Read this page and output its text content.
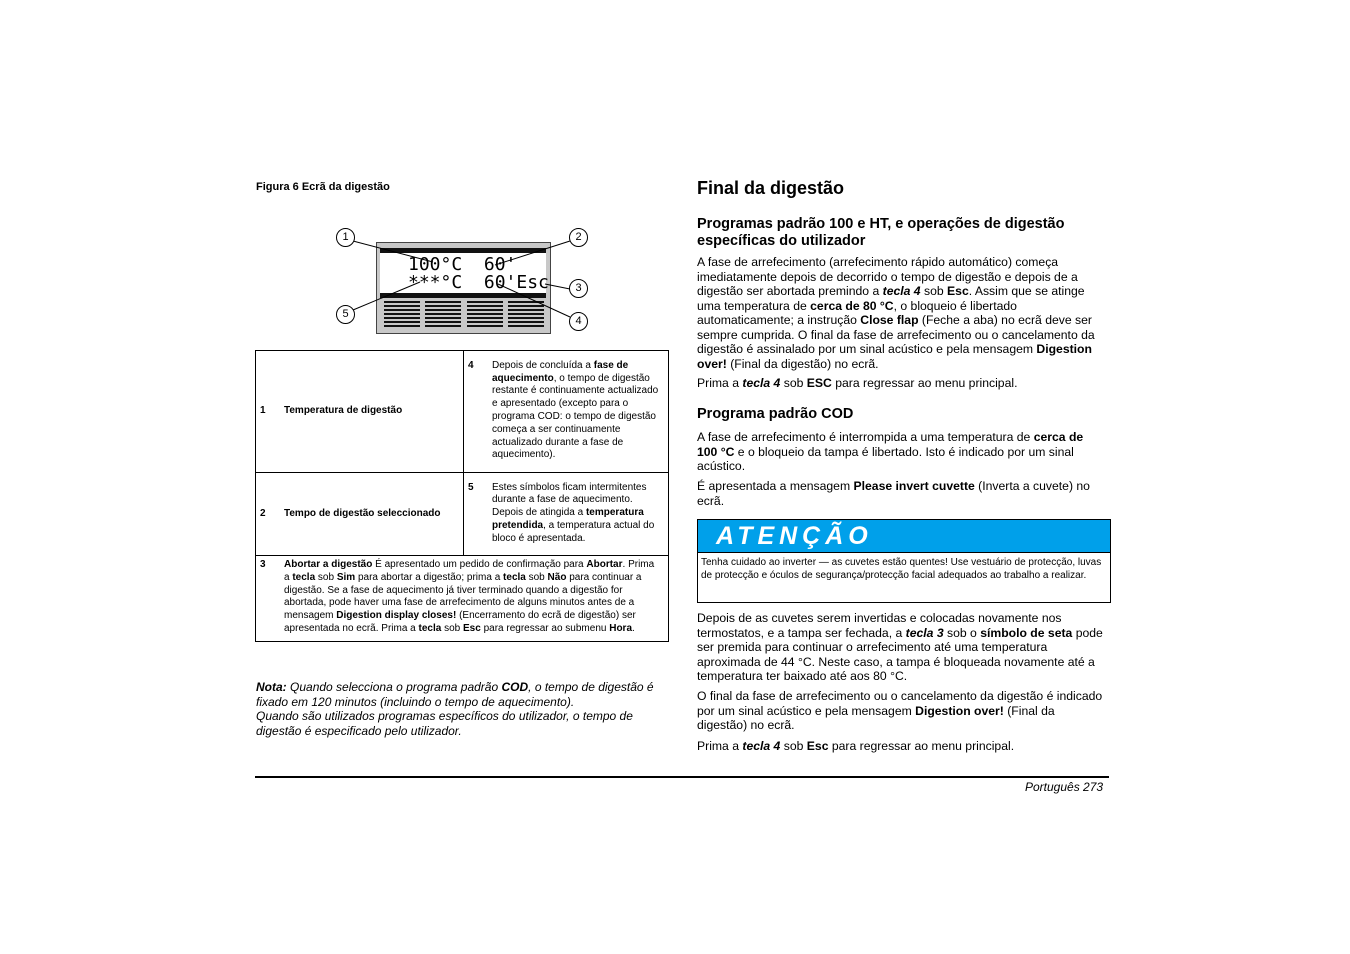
Figura 6 Ecrã da digestão
100°C  60'
***°C  60'Esc
1	2
3
4
5
1 Temperatura de digestão	4 Depois de concluída a fase de aquecimento, o tempo de digestão restante é continuamente actualizado e apresentado (excepto para o programa COD: o tempo de digestão começa a ser continuamente actualizado durante a fase de aquecimento).

2 Tempo de digestão seleccionado	5 Estes símbolos ficam intermitentes durante a fase de aquecimento. Depois de atingida a temperatura pretendida, a temperatura actual do bloco é apresentada.

3 Abortar a digestão É apresentado um pedido de confirmação para Abortar. Prima a tecla sob Sim para abortar a digestão; prima a tecla sob Não para continuar a digestão. Se a fase de aquecimento já tiver terminado quando a digestão for abortada, pode haver uma fase de arrefecimento de alguns minutos antes de a mensagem Digestion display closes! (Encerramento do ecrã de digestão) ser apresentada no ecrã. Prima a tecla sob Esc para regressar ao submenu Hora.	
Nota: Quando selecciona o programa padrão COD, o tempo de digestão é fixado em 120 minutos (incluindo o tempo de aquecimento).
Quando são utilizados programas específicos do utilizador, o tempo de digestão é especificado pelo utilizador.
Final da digestão
Programas padrão 100 e HT, e operações de digestão específicas do utilizador

A fase de arrefecimento (arrefecimento rápido automático) começa imediatamente depois de decorrido o tempo de digestão e depois de a digestão ser abortada premindo a tecla 4 sob Esc. Assim que se atinge uma temperatura de cerca de 80 °C, o bloqueio é libertado automaticamente; a instrução Close flap (Feche a aba) no ecrã deve ser sempre cumprida. O final da fase de arrefecimento ou o cancelamento da digestão é assinalado por um sinal acústico e pela mensagem Digestion over! (Final da digestão) no ecrã.

Prima a tecla 4 sob ESC para regressar ao menu principal.

Programa padrão COD

A fase de arrefecimento é interrompida a uma temperatura de cerca de 100 °C e o bloqueio da tampa é libertado. Isto é indicado por um sinal acústico.

É apresentada a mensagem Please invert cuvette (Inverta a cuvete) no ecrã.

ATENÇÃO
Tenha cuidado ao inverter — as cuvetes estão quentes! Use vestuário de protecção, luvas de protecção e óculos de segurança/protecção facial adequados ao trabalho a realizar.

Depois de as cuvetes serem invertidas e colocadas novamente nos termostatos, e a tampa ser fechada, a tecla 3 sob o símbolo de seta pode ser premida para continuar o arrefecimento até uma temperatura aproximada de 44 °C. Neste caso, a tampa é bloqueada novamente até a temperatura ter baixado até aos 80 °C.

O final da fase de arrefecimento ou o cancelamento da digestão é indicado por um sinal acústico e pela mensagem Digestion over! (Final da digestão) no ecrã.

Prima a tecla 4 sob Esc para regressar ao menu principal.

Português 273
